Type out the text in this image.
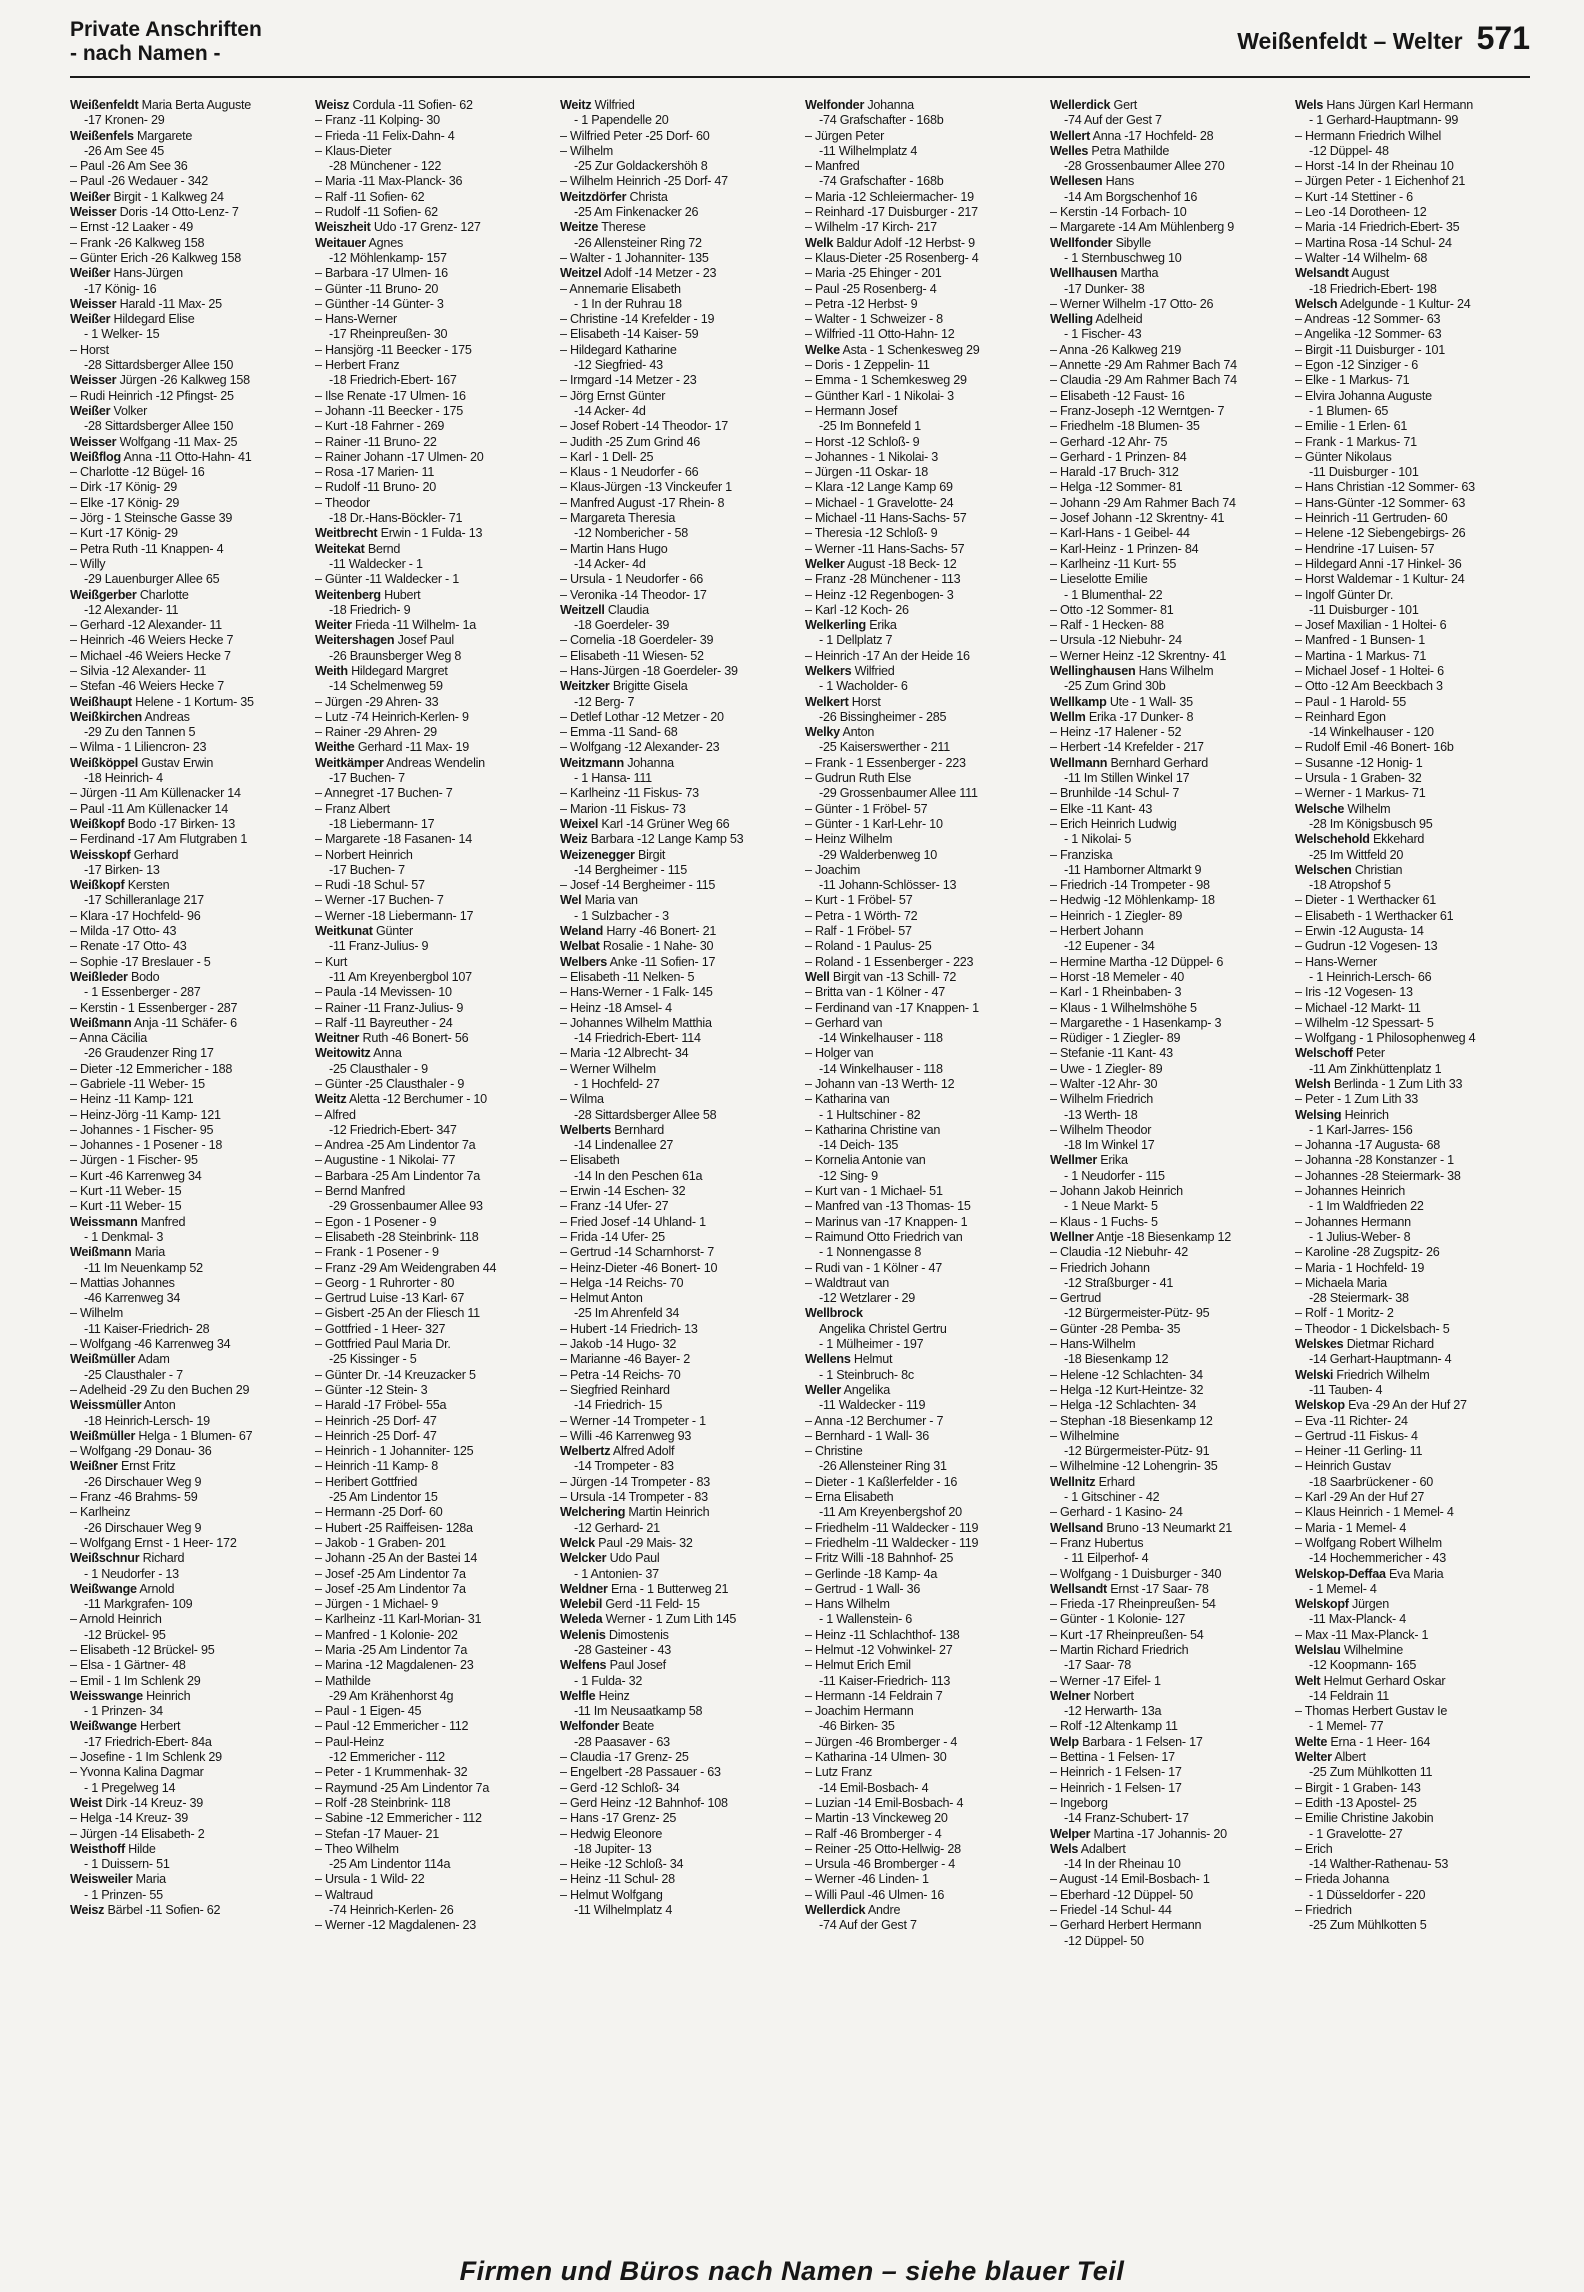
Private Anschriften
- nach Namen -	Weißenfeldt – Welter 571
Weißenfeldt Maria Berta Auguste
-17 Kronen- 29
Weißenfels Margarete
-26 Am See 45
– Paul -26 Am See 36
– Paul -26 Wedauer - 342
Weißer Birgit - 1 Kalkweg 24
Weisser Doris -14 Otto-Lenz- 7
– Ernst -12 Laaker - 49
– Frank -26 Kalkweg 158
– Günter Erich -26 Kalkweg 158
Weißer Hans-Jürgen
-17 König- 16
Weisser Harald -11 Max- 25
Weißer Hildegard Elise
- 1 Welker- 15
– Horst
-28 Sittardsberger Allee 150
Weisser Jürgen -26 Kalkweg 158
– Rudi Heinrich -12 Pfingst- 25
Weißer Volker
-28 Sittardsberger Allee 150
Weisser Wolfgang -11 Max- 25
Weißflog Anna -11 Otto-Hahn- 41
– Charlotte -12 Bügel- 16
– Dirk -17 König- 29
– Elke -17 König- 29
– Jörg - 1 Steinsche Gasse 39
– Kurt -17 König- 29
– Petra Ruth -11 Knappen- 4
– Willy
-29 Lauenburger Allee 65
Weißgerber Charlotte
-12 Alexander- 11
– Gerhard -12 Alexander- 11
– Heinrich -46 Weiers Hecke 7
– Michael -46 Weiers Hecke 7
– Silvia -12 Alexander- 11
– Stefan -46 Weiers Hecke 7
Weißhaupt Helene - 1 Kortum- 35
Weißkirchen Andreas
-29 Zu den Tannen 5
– Wilma - 1 Liliencron- 23
Weißköppel Gustav Erwin
-18 Heinrich- 4
– Jürgen -11 Am Küllenacker 14
– Paul -11 Am Küllenacker 14
Weißkopf Bodo -17 Birken- 13
– Ferdinand -17 Am Flutgraben 1
Weisskopf Gerhard
-17 Birken- 13
Weißkopf Kersten
-17 Schilleranlage 217
– Klara -17 Hochfeld- 96
– Milda -17 Otto- 43
– Renate -17 Otto- 43
– Sophie -17 Breslauer - 5
Weißleder Bodo
- 1 Essenberger - 287
– Kerstin - 1 Essenberger - 287
Weißmann Anja -11 Schäfer- 6
– Anna Cäcilia
-26 Graudenzer Ring 17
– Dieter -12 Emmericher - 188
– Gabriele -11 Weber- 15
– Heinz -11 Kamp- 121
– Heinz-Jörg -11 Kamp- 121
– Johannes - 1 Fischer- 95
– Johannes - 1 Posener - 18
– Jürgen - 1 Fischer- 95
– Kurt -46 Karrenweg 34
– Kurt -11 Weber- 15
– Kurt -11 Weber- 15
Weissmann Manfred
- 1 Denkmal- 3
Weißmann Maria
-11 Im Neuenkamp 52
– Mattias Johannes
-46 Karrenweg 34
– Wilhelm
-11 Kaiser-Friedrich- 28
– Wolfgang -46 Karrenweg 34
Weißmüller Adam
-25 Clausthaler - 7
– Adelheid -29 Zu den Buchen 29
Weissmüller Anton
-18 Heinrich-Lersch- 19
Weißmüller Helga - 1 Blumen- 67
– Wolfgang -29 Donau- 36
Weißner Ernst Fritz
-26 Dirschauer Weg 9
– Franz -46 Brahms- 59
– Karlheinz
-26 Dirschauer Weg 9
– Wolfgang Ernst - 1 Heer- 172
Weißschnur Richard
- 1 Neudorfer - 13
Weißwange Arnold
-11 Markgrafen- 109
– Arnold Heinrich
-12 Brückel- 95
– Elisabeth -12 Brückel- 95
– Elsa - 1 Gärtner- 48
– Emil - 1 Im Schlenk 29
Weisswange Heinrich
- 1 Prinzen- 34
Weißwange Herbert
-17 Friedrich-Ebert- 84a
– Josefine - 1 Im Schlenk 29
– Yvonna Kalina Dagmar
- 1 Pregelweg 14
Weist Dirk -14 Kreuz- 39
– Helga -14 Kreuz- 39
– Jürgen -14 Elisabeth- 2
Weisthoff Hilde
- 1 Duissern- 51
Weisweiler Maria
- 1 Prinzen- 55
Weisz Bärbel -11 Sofien- 62
Weisz Cordula -11 Sofien- 62
– Franz -11 Kolping- 30
– Frieda -11 Felix-Dahn- 4
– Klaus-Dieter
-28 Münchener - 122
– Maria -11 Max-Planck- 36
– Ralf -11 Sofien- 62
– Rudolf -11 Sofien- 62
Weiszheit Udo -17 Grenz- 127
Weitauer Agnes
-12 Möhlenkamp- 157
– Barbara -17 Ulmen- 16
– Günter -11 Bruno- 20
– Günther -14 Günter- 3
– Hans-Werner
-17 Rheinpreußen- 30
– Hansjörg -11 Beecker - 175
– Herbert Franz
-18 Friedrich-Ebert- 167
– Ilse Renate -17 Ulmen- 16
– Johann -11 Beecker - 175
– Kurt -18 Fahrner - 269
– Rainer -11 Bruno- 22
– Rainer Johann -17 Ulmen- 20
– Rosa -17 Marien- 11
– Rudolf -11 Bruno- 20
– Theodor
-18 Dr.-Hans-Böckler- 71
Weitbrecht Erwin - 1 Fulda- 13
Weitekat Bernd
-11 Waldecker - 1
– Günter -11 Waldecker - 1
Weitenberg Hubert
-18 Friedrich- 9
Weiter Frieda -11 Wilhelm- 1a
Weitershagen Josef Paul
-26 Braunsberger Weg 8
Weith Hildegard Margret
-14 Schelmenweg 59
– Jürgen -29 Ahren- 33
– Lutz -74 Heinrich-Kerlen- 9
– Rainer -29 Ahren- 29
Weithe Gerhard -11 Max- 19
Weitkämper Andreas Wendelin
-17 Buchen- 7
– Annegret -17 Buchen- 7
– Franz Albert
-18 Liebermann- 17
– Margarete -18 Fasanen- 14
– Norbert Heinrich
-17 Buchen- 7
– Rudi -18 Schul- 57
– Werner -17 Buchen- 7
– Werner -18 Liebermann- 17
Weitkunat Günter
-11 Franz-Julius- 9
– Kurt
-11 Am Kreyenbergbol 107
– Paula -14 Mevissen- 10
– Rainer -11 Franz-Julius- 9
– Ralf -11 Bayreuther - 24
Weitner Ruth -46 Bonert- 56
Weitowitz Anna
-25 Clausthaler - 9
– Günter -25 Clausthaler - 9
Weitz Aletta -12 Berchumer - 10
– Alfred
-12 Friedrich-Ebert- 347
– Andrea -25 Am Lindentor 7a
– Augustine - 1 Nikolai- 77
– Barbara -25 Am Lindentor 7a
– Bernd Manfred
-29 Grossenbaumer Allee 93
– Egon - 1 Posener - 9
– Elisabeth -28 Steinbrink- 118
– Frank - 1 Posener - 9
– Franz -29 Am Weidengraben 44
– Georg - 1 Ruhrorter - 80
– Gertrud Luise -13 Karl- 67
– Gisbert -25 An der Fliesch 11
– Gottfried - 1 Heer- 327
– Gottfried Paul Maria Dr.
-25 Kissinger - 5
– Günter Dr. -14 Kreuzacker 5
– Günter -12 Stein- 3
– Harald -17 Fröbel- 55a
– Heinrich -25 Dorf- 47
– Heinrich -25 Dorf- 47
– Heinrich - 1 Johanniter- 125
– Heinrich -11 Kamp- 8
– Heribert Gottfried
-25 Am Lindentor 15
– Hermann -25 Dorf- 60
– Hubert -25 Raiffeisen- 128a
– Jakob - 1 Graben- 201
– Johann -25 An der Bastei 14
– Josef -25 Am Lindentor 7a
– Josef -25 Am Lindentor 7a
– Jürgen - 1 Michael- 9
– Karlheinz -11 Karl-Morian- 31
– Manfred - 1 Kolonie- 202
– Maria -25 Am Lindentor 7a
– Marina -12 Magdalenen- 23
– Mathilde
-29 Am Krähenhorst 4g
– Paul - 1 Eigen- 45
– Paul -12 Emmericher - 112
– Paul-Heinz
-12 Emmericher - 112
– Peter - 1 Krummenhak- 32
– Raymund -25 Am Lindentor 7a
– Rolf -28 Steinbrink- 118
– Sabine -12 Emmericher - 112
– Stefan -17 Mauer- 21
– Theo Wilhelm
-25 Am Lindentor 114a
– Ursula - 1 Wild- 22
– Waltraud
-74 Heinrich-Kerlen- 26
– Werner -12 Magdalenen- 23
Weitz Wilfried
- 1 Papendelle 20
– Wilfried Peter -25 Dorf- 60
– Wilhelm
-25 Zur Goldackershöh 8
– Wilhelm Heinrich -25 Dorf- 47
Weitzdörfer Christa
-25 Am Finkenacker 26
Weitze Therese
-26 Allensteiner Ring 72
– Walter - 1 Johanniter- 135
Weitzel Adolf -14 Metzer - 23
– Annemarie Elisabeth
- 1 In der Ruhrau 18
– Christine -14 Krefelder - 19
– Elisabeth -14 Kaiser- 59
– Hildegard Katharine
-12 Siegfried- 43
– Irmgard -14 Metzer - 23
– Jörg Ernst Günter
-14 Acker- 4d
– Josef Robert -14 Theodor- 17
– Judith -25 Zum Grind 46
– Karl - 1 Dell- 25
– Klaus - 1 Neudorfer - 66
– Klaus-Jürgen -13 Vinckeufer 1
– Manfred August -17 Rhein- 8
– Margareta Theresia
-12 Nombericher - 58
– Martin Hans Hugo
-14 Acker- 4d
– Ursula - 1 Neudorfer - 66
– Veronika -14 Theodor- 17
Weitzell Claudia
-18 Goerdeler- 39
– Cornelia -18 Goerdeler- 39
– Elisabeth -11 Wiesen- 52
– Hans-Jürgen -18 Goerdeler- 39
Weitzker Brigitte Gisela
-12 Berg- 7
– Detlef Lothar -12 Metzer - 20
– Emma -11 Sand- 68
– Wolfgang -12 Alexander- 23
Weitzmann Johanna
- 1 Hansa- 111
– Karlheinz -11 Fiskus- 73
– Marion -11 Fiskus- 73
Weixel Karl -14 Grüner Weg 66
Weiz Barbara -12 Lange Kamp 53
Weizenegger Birgit
-14 Bergheimer - 115
– Josef -14 Bergheimer - 115
Wel Maria van
- 1 Sulzbacher - 3
Weland Harry -46 Bonert- 21
Welbat Rosalie - 1 Nahe- 30
Welbers Anke -11 Sofien- 17
– Elisabeth -11 Nelken- 5
– Hans-Werner - 1 Falk- 145
– Heinz -18 Amsel- 4
– Johannes Wilhelm Matthia
-14 Friedrich-Ebert- 114
– Maria -12 Albrecht- 34
– Werner Wilhelm
- 1 Hochfeld- 27
– Wilma
-28 Sittardsberger Allee 58
Welberts Bernhard
-14 Lindenallee 27
– Elisabeth
-14 In den Peschen 61a
– Erwin -14 Eschen- 32
– Franz -14 Ufer- 27
– Fried Josef -14 Uhland- 1
– Frida -14 Ufer- 25
– Gertrud -14 Scharnhorst- 7
– Heinz-Dieter -46 Bonert- 10
– Helga -14 Reichs- 70
– Helmut Anton
-25 Im Ahrenfeld 34
– Hubert -14 Friedrich- 13
– Jakob -14 Hugo- 32
– Marianne -46 Bayer- 2
– Petra -14 Reichs- 70
– Siegfried Reinhard
-14 Friedrich- 15
– Werner -14 Trompeter - 1
– Willi -46 Karrenweg 93
Welbertz Alfred Adolf
-14 Trompeter - 83
– Jürgen -14 Trompeter - 83
– Ursula -14 Trompeter - 83
Welchering Martin Heinrich
-12 Gerhard- 21
Welck Paul -29 Mais- 32
Welcker Udo Paul
- 1 Antonien- 37
Weldner Erna - 1 Butterweg 21
Welebil Gerd -11 Feld- 15
Weleda Werner - 1 Zum Lith 145
Welenis Dimostenis
-28 Gasteiner - 43
Welfens Paul Josef
- 1 Fulda- 32
Welfle Heinz
-11 Im Neusaatkamp 58
Welfonder Beate
-28 Paasaver - 63
– Claudia -17 Grenz- 25
– Engelbert -28 Passauer - 63
– Gerd -12 Schloß- 34
– Gerd Heinz -12 Bahnhof- 108
– Hans -17 Grenz- 25
– Hedwig Eleonore
-18 Jupiter- 13
– Heike -12 Schloß- 34
– Heinz -11 Schul- 28
– Helmut Wolfgang
-11 Wilhelmplatz 4
Welfonder Johanna
-74 Grafschafter - 168b
– Jürgen Peter
-11 Wilhelmplatz 4
– Manfred
-74 Grafschafter - 168b
– Maria -12 Schleiermacher- 19
– Reinhard -17 Duisburger - 217
– Wilhelm -17 Kirch- 217
Welk Baldur Adolf -12 Herbst- 9
– Klaus-Dieter -25 Rosenberg- 4
– Maria -25 Ehinger - 201
– Paul -25 Rosenberg- 4
– Petra -12 Herbst- 9
– Walter - 1 Schweizer - 8
– Wilfried -11 Otto-Hahn- 12
Welke Asta - 1 Schenkesweg 29
– Doris - 1 Zeppelin- 11
– Emma - 1 Schemkesweg 29
– Günther Karl - 1 Nikolai- 3
– Hermann Josef
-25 Im Bonnefeld 1
– Horst -12 Schloß- 9
– Johannes - 1 Nikolai- 3
– Jürgen -11 Oskar- 18
– Klara -12 Lange Kamp 69
– Michael - 1 Gravelotte- 24
– Michael -11 Hans-Sachs- 57
– Theresia -12 Schloß- 9
– Werner -11 Hans-Sachs- 57
Welker August -18 Beck- 12
– Franz -28 Münchener - 113
– Heinz -12 Regenbogen- 3
– Karl -12 Koch- 26
Welkerling Erika
- 1 Dellplatz 7
– Heinrich -17 An der Heide 16
Welkers Wilfried
- 1 Wacholder- 6
Welkert Horst
-26 Bissingheimer - 285
Welky Anton
-25 Kaiserswerther - 211
– Frank - 1 Essenberger - 223
– Gudrun Ruth Else
-29 Grossenbaumer Allee 111
– Günter - 1 Fröbel- 57
– Günter - 1 Karl-Lehr- 10
– Heinz Wilhelm
-29 Walderbenweg 10
– Joachim
-11 Johann-Schlösser- 13
– Kurt - 1 Fröbel- 57
– Petra - 1 Wörth- 72
– Ralf - 1 Fröbel- 57
– Roland - 1 Paulus- 25
– Roland - 1 Essenberger - 223
Well Birgit van -13 Schill- 72
– Britta van - 1 Kölner - 47
– Ferdinand van -17 Knappen- 1
– Gerhard van
-14 Winkelhauser - 118
– Holger van
-14 Winkelhauser - 118
– Johann van -13 Werth- 12
– Katharina van
- 1 Hultschiner - 82
– Katharina Christine van
-14 Deich- 135
– Kornelia Antonie van
-12 Sing- 9
– Kurt van - 1 Michael- 51
– Manfred van -13 Thomas- 15
– Marinus van -17 Knappen- 1
– Raimund Otto Friedrich van
- 1 Nonnengasse 8
– Rudi van - 1 Kölner - 47
– Waldtraut van
-12 Wetzlarer - 29
Wellbrock
Angelika Christel Gertru
- 1 Mülheimer - 197
Wellens Helmut
- 1 Steinbruch- 8c
Weller Angelika
-11 Waldecker - 119
– Anna -12 Berchumer - 7
– Bernhard - 1 Wall- 36
– Christine
-26 Allensteiner Ring 31
– Dieter - 1 Kaßlerfelder - 16
– Erna Elisabeth
-11 Am Kreyenbergshof 20
– Friedhelm -11 Waldecker - 119
– Friedhelm -11 Waldecker - 119
– Fritz Willi -18 Bahnhof- 25
– Gerlinde -18 Kamp- 4a
– Gertrud - 1 Wall- 36
– Hans Wilhelm
- 1 Wallenstein- 6
– Heinz -11 Schlachthof- 138
– Helmut -12 Vohwinkel- 27
– Helmut Erich Emil
-11 Kaiser-Friedrich- 113
– Hermann -14 Feldrain 7
– Joachim Hermann
-46 Birken- 35
– Jürgen -46 Bromberger - 4
– Katharina -14 Ulmen- 30
– Lutz Franz
-14 Emil-Bosbach- 4
– Luzian -14 Emil-Bosbach- 4
– Martin -13 Vinckeweg 20
– Ralf -46 Bromberger - 4
– Reiner -25 Otto-Hellwig- 28
– Ursula -46 Bromberger - 4
– Werner -46 Linden- 1
– Willi Paul -46 Ulmen- 16
Wellerdick Andre
-74 Auf der Gest 7
Wellerdick Gert
-74 Auf der Gest 7
Wellert Anna -17 Hochfeld- 28
Welles Petra Mathilde
-28 Grossenbaumer Allee 270
Wellesen Hans
-14 Am Borgschenhof 16
– Kerstin -14 Forbach- 10
– Margarete -14 Am Mühlenberg 9
Wellfonder Sibylle
- 1 Sternbuschweg 10
Wellhausen Martha
-17 Dunker- 38
– Werner Wilhelm -17 Otto- 26
Welling Adelheid
- 1 Fischer- 43
– Anna -26 Kalkweg 219
– Annette -29 Am Rahmer Bach 74
– Claudia -29 Am Rahmer Bach 74
– Elisabeth -12 Faust- 16
– Franz-Joseph -12 Werntgen- 7
– Friedhelm -18 Blumen- 35
– Gerhard -12 Ahr- 75
– Gerhard - 1 Prinzen- 84
– Harald -17 Bruch- 312
– Helga -12 Sommer- 81
– Johann -29 Am Rahmer Bach 74
– Josef Johann -12 Skrentny- 41
– Karl-Hans - 1 Geibel- 44
– Karl-Heinz - 1 Prinzen- 84
– Karlheinz -11 Kurt- 55
– Lieselotte Emilie
- 1 Blumenthal- 22
– Otto -12 Sommer- 81
– Ralf - 1 Hecken- 88
– Ursula -12 Niebuhr- 24
– Werner Heinz -12 Skrentny- 41
Wellinghausen Hans Wilhelm
-25 Zum Grind 30b
Wellkamp Ute - 1 Wall- 35
Wellm Erika -17 Dunker- 8
– Heinz -17 Halener - 52
– Herbert -14 Krefelder - 217
Wellmann Bernhard Gerhard
-11 Im Stillen Winkel 17
– Brunhilde -14 Schul- 7
– Elke -11 Kant- 43
– Erich Heinrich Ludwig
- 1 Nikolai- 5
– Franziska
-11 Hamborner Altmarkt 9
– Friedrich -14 Trompeter - 98
– Hedwig -12 Möhlenkamp- 18
– Heinrich - 1 Ziegler- 89
– Herbert Johann
-12 Eupener - 34
– Hermine Martha -12 Düppel- 6
– Horst -18 Memeler - 40
– Karl - 1 Rheinbaben- 3
– Klaus - 1 Wilhelmshöhe 5
– Margarethe - 1 Hasenkamp- 3
– Rüdiger - 1 Ziegler- 89
– Stefanie -11 Kant- 43
– Uwe - 1 Ziegler- 89
– Walter -12 Ahr- 30
– Wilhelm Friedrich
-13 Werth- 18
– Wilhelm Theodor
-18 Im Winkel 17
Wellmer Erika
- 1 Neudorfer - 115
– Johann Jakob Heinrich
- 1 Neue Markt- 5
– Klaus - 1 Fuchs- 5
Wellner Antje -18 Biesenkamp 12
– Claudia -12 Niebuhr- 42
– Friedrich Johann
-12 Straßburger - 41
– Gertrud
-12 Bürgermeister-Pütz- 95
– Günter -28 Pemba- 35
– Hans-Wilhelm
-18 Biesenkamp 12
– Helene -12 Schlachten- 34
– Helga -12 Kurt-Heintze- 32
– Helga -12 Schlachten- 34
– Stephan -18 Biesenkamp 12
– Wilhelmine
-12 Bürgermeister-Pütz- 91
– Wilhelmine -12 Lohengrin- 35
Wellnitz Erhard
- 1 Gitschiner - 42
– Gerhard - 1 Kasino- 24
Wellsand Bruno -13 Neumarkt 21
– Franz Hubertus
- 11 Eilperhof- 4
– Wolfgang - 1 Duisburger - 340
Wellsandt Ernst -17 Saar- 78
– Frieda -17 Rheinpreußen- 54
– Günter - 1 Kolonie- 127
– Kurt -17 Rheinpreußen- 54
– Martin Richard Friedrich
-17 Saar- 78
– Werner -17 Eifel- 1
Welner Norbert
-12 Herwarth- 13a
– Rolf -12 Altenkamp 11
Welp Barbara - 1 Felsen- 17
– Bettina - 1 Felsen- 17
– Heinrich - 1 Felsen- 17
– Heinrich - 1 Felsen- 17
– Ingeborg
-14 Franz-Schubert- 17
Welper Martina -17 Johannis- 20
Wels Adalbert
-14 In der Rheinau 10
– August -14 Emil-Bosbach- 1
– Eberhard -12 Düppel- 50
– Friedel -14 Schul- 44
– Gerhard Herbert Hermann
-12 Düppel- 50
Wels Hans Jürgen Karl Hermann
- 1 Gerhard-Hauptmann- 99
– Hermann Friedrich Wilhel
-12 Düppel- 48
– Horst -14 In der Rheinau 10
– Jürgen Peter - 1 Eichenhof 21
– Kurt -14 Stettiner - 6
– Leo -14 Dorotheen- 12
– Maria -14 Friedrich-Ebert- 35
– Martina Rosa -14 Schul- 24
– Walter -14 Wilhelm- 68
Welsandt August
-18 Friedrich-Ebert- 198
Welsch Adelgunde - 1 Kultur- 24
– Andreas -12 Sommer- 63
– Angelika -12 Sommer- 63
– Birgit -11 Duisburger - 101
– Egon -12 Sinziger - 6
– Elke - 1 Markus- 71
– Elvira Johanna Auguste
- 1 Blumen- 65
– Emilie - 1 Erlen- 61
– Frank - 1 Markus- 71
– Günter Nikolaus
-11 Duisburger - 101
– Hans Christian -12 Sommer- 63
– Hans-Günter -12 Sommer- 63
– Heinrich -11 Gertruden- 60
– Helene -12 Siebengebirgs- 26
– Hendrine -17 Luisen- 57
– Hildegard Anni -17 Hinkel- 36
– Horst Waldemar - 1 Kultur- 24
– Ingolf Günter Dr.
-11 Duisburger - 101
– Josef Maxilian - 1 Holtei- 6
– Manfred - 1 Bunsen- 1
– Martina - 1 Markus- 71
– Michael Josef - 1 Holtei- 6
– Otto -12 Am Beeckbach 3
– Paul - 1 Harold- 55
– Reinhard Egon
-14 Winkelhauser - 120
– Rudolf Emil -46 Bonert- 16b
– Susanne -12 Honig- 1
– Ursula - 1 Graben- 32
– Werner - 1 Markus- 71
Welsche Wilhelm
-28 Im Königsbusch 95
Welschehold Ekkehard
-25 Im Wittfeld 20
Welschen Christian
-18 Atropshof 5
– Dieter - 1 Werthacker 61
– Elisabeth - 1 Werthacker 61
– Erwin -12 Augusta- 14
– Gudrun -12 Vogesen- 13
– Hans-Werner
- 1 Heinrich-Lersch- 66
– Iris -12 Vogesen- 13
– Michael -12 Markt- 11
– Wilhelm -12 Spessart- 5
– Wolfgang - 1 Philosophenweg 4
Welschoff Peter
-11 Am Zinkhüttenplatz 1
Welsh Berlinda - 1 Zum Lith 33
– Peter - 1 Zum Lith 33
Welsing Heinrich
- 1 Karl-Jarres- 156
– Johanna -17 Augusta- 68
– Johanna -28 Konstanzer - 1
– Johannes -28 Steiermark- 38
– Johannes Heinrich
- 1 Im Waldfrieden 22
– Johannes Hermann
- 1 Julius-Weber- 8
– Karoline -28 Zugspitz- 26
– Maria - 1 Hochfeld- 19
– Michaela Maria
-28 Steiermark- 38
– Rolf - 1 Moritz- 2
– Theodor - 1 Dickelsbach- 5
Welskes Dietmar Richard
-14 Gerhart-Hauptmann- 4
Welski Friedrich Wilhelm
-11 Tauben- 4
Welskop Eva -29 An der Huf 27
– Eva -11 Richter- 24
– Gertrud -11 Fiskus- 4
– Heiner -11 Gerling- 11
– Heinrich Gustav
-18 Saarbrückener - 60
– Karl -29 An der Huf 27
– Klaus Heinrich - 1 Memel- 4
– Maria - 1 Memel- 4
– Wolfgang Robert Wilhelm
-14 Hochemmericher - 43
Welskop-Deffaa Eva Maria
- 1 Memel- 4
Welskopf Jürgen
-11 Max-Planck- 4
– Max -11 Max-Planck- 1
Welslau Wilhelmine
-12 Koopmann- 165
Welt Helmut Gerhard Oskar
-14 Feldrain 11
– Thomas Herbert Gustav Ie
- 1 Memel- 77
Welte Erna - 1 Heer- 164
Welter Albert
-25 Zum Mühlkotten 11
– Birgit - 1 Graben- 143
– Edith -13 Apostel- 25
– Emilie Christine Jakobin
- 1 Gravelotte- 27
– Erich
-14 Walther-Rathenau- 53
– Frieda Johanna
- 1 Düsseldorfer - 220
– Friedrich
-25 Zum Mühlkotten 5
Firmen und Büros nach Namen – siehe blauer Teil
